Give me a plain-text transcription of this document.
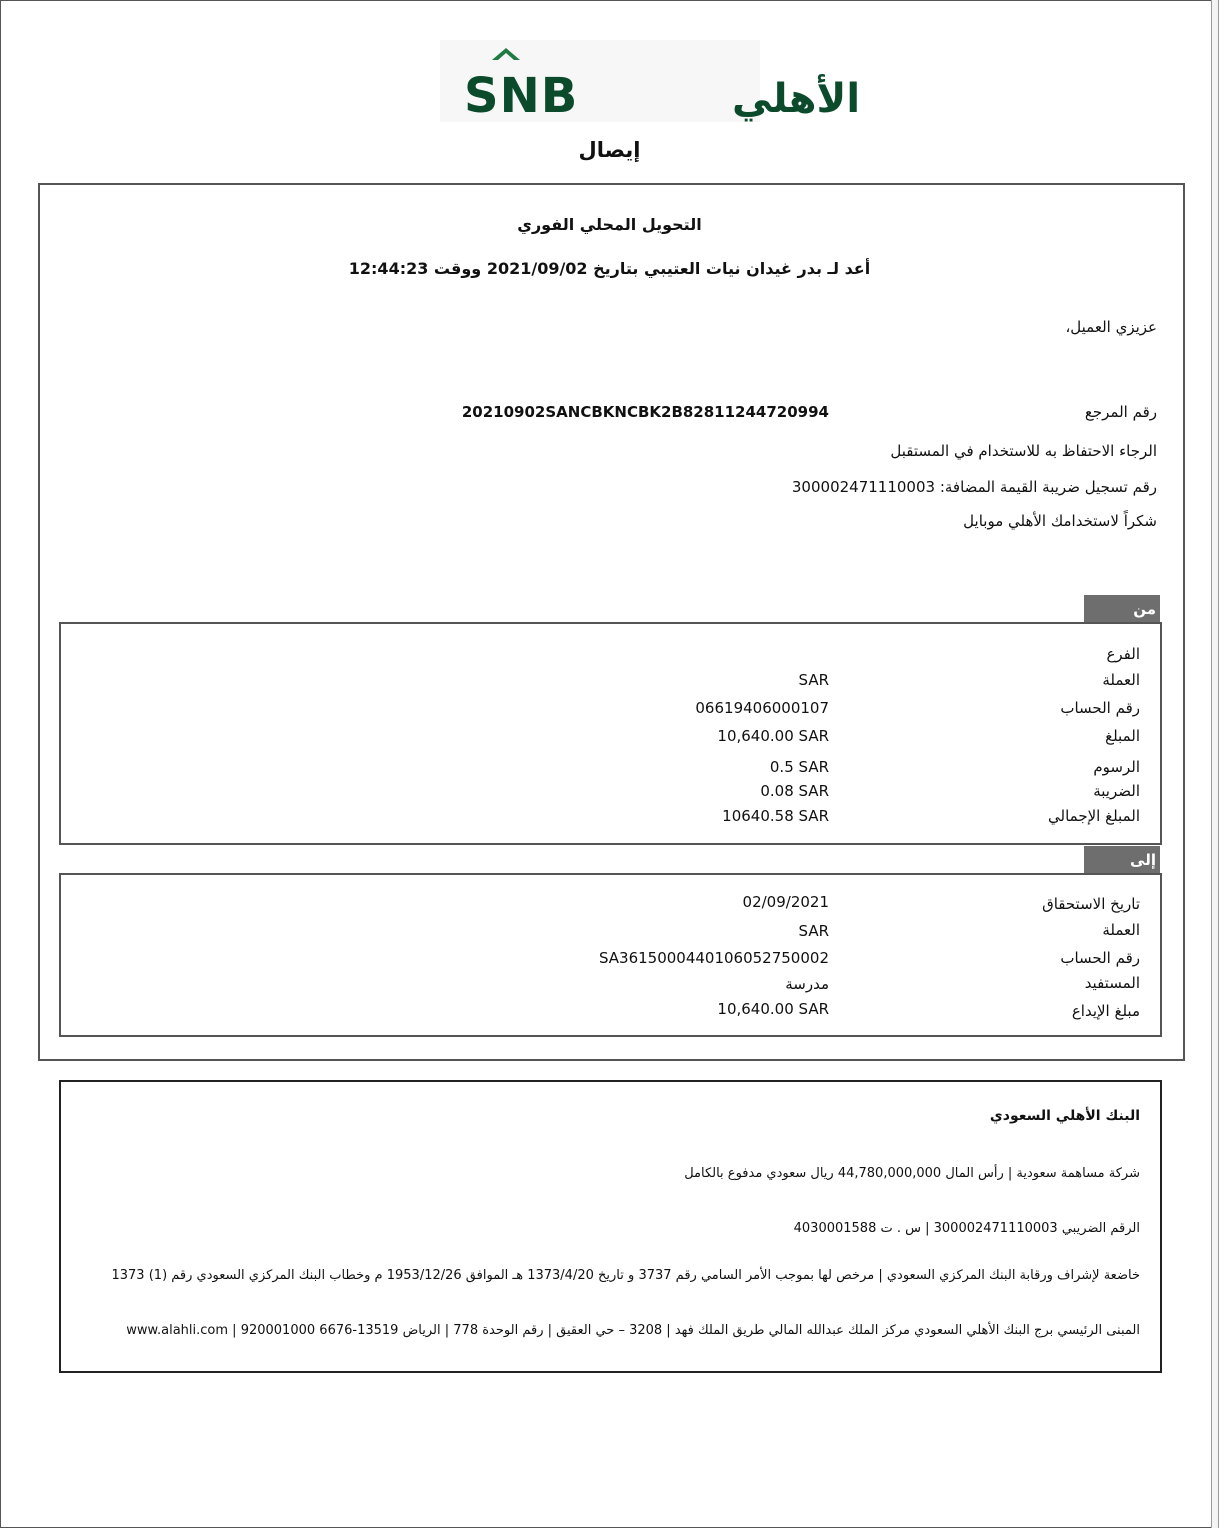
SNB	الأهلي
إيصال
التحويل المحلي الفوري
أعد لـ بدر غيدان نيات العتيبي بتاريخ 2021/09/02 ووقت 12:44:23
عزيزي العميل،
رقم المرجع
20210902SANCBKNCBK2B82811244720994
الرجاء الاحتفاظ به للاستخدام في المستقبل
رقم تسجيل ضريبة القيمة المضافة: 300002471110003
شكراً لاستخدامك الأهلي موبايل
من
الفرع
العملة
SAR
رقم الحساب
06619406000107
المبلغ
10,640.00 SAR
الرسوم
0.5 SAR
الضريبة
0.08 SAR
المبلغ الإجمالي
10640.58 SAR
إلى
تاريخ الاستحقاق
02/09/2021
العملة
SAR
رقم الحساب
SA3615000440106052750002
المستفيد
مدرسة
مبلغ الإيداع
10,640.00 SAR
البنك الأهلي السعودي
شركة مساهمة سعودية | رأس المال 44,780,000,000 ريال سعودي مدفوع بالكامل
الرقم الضريبي 300002471110003 | س . ت 4030001588
خاضعة لإشراف ورقابة البنك المركزي السعودي | مرخص لها بموجب الأمر السامي رقم 3737 و تاريخ 1373/4/20 هـ الموافق 1953/12/26 م وخطاب البنك المركزي السعودي رقم (1) 1373
المبنى الرئيسي برج البنك الأهلي السعودي مركز الملك عبدالله المالي طريق الملك فهد | 3208 – حي العقيق | رقم الوحدة 778 | الرياض 13519-6676 920001000 | www.alahli.com
